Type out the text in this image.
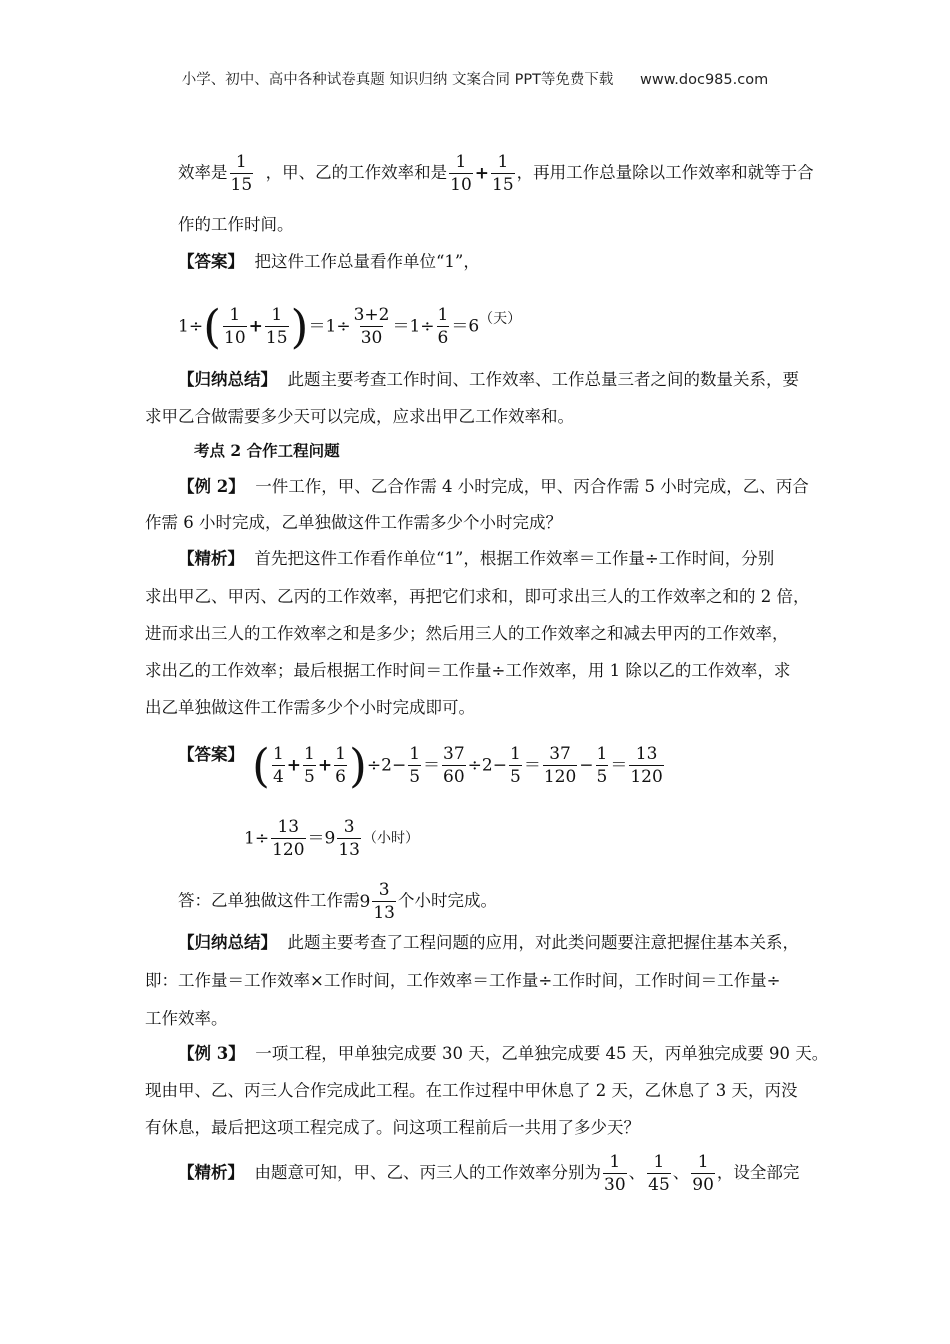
小学、初中、高中各种试卷真题 知识归纳 文案合同 PPT等免费下载 www.doc985.com
效率是 $\frac{1}{15}$ ，甲、乙的工作效率和是 $\frac{1}{10} + \frac{1}{15}$ ，再用工作总量除以工作效率和就等于合
作的工作时间。
【答案】 把这件工作总量看作单位“1”，
$1\div( \frac{1}{10} + \frac{1}{15} )=1\div \frac{3+2}{30} =1\div \frac{1}{6} =6^{(天)}$
【归纳总结】 此题主要考查工作时间、工作效率、工作总量三者之间的数量关系，要
求甲乙合做需要多少天可以完成，应求出甲乙工作效率和。
考点 2 合作工程问题
【例 2】 一件工作，甲、乙合作需 4 小时完成，甲、丙合作需 5 小时完成，乙、丙合
作需 6 小时完成，乙单独做这件工作需多少个小时完成？
【精析】 首先把这件工作看作单位“1”，根据工作效率＝工作量÷工作时间，分别
求出甲乙、甲丙、乙丙的工作效率，再把它们求和，即可求出三人的工作效率之和的 2 倍，
进而求出三人的工作效率之和是多少；然后用三人的工作效率之和减去甲丙的工作效率，
求出乙的工作效率；最后根据工作时间＝工作量÷工作效率，用 1 除以乙的工作效率，求
出乙单独做这件工作需多少个小时完成即可。
【答案】 ( $\frac{1}{4} + \frac{1}{5} + \frac{1}{6} )\div 2- \frac{1}{5} = \frac{37}{60} \div 2- \frac{1}{5} = \frac{37}{120} - \frac{1}{5} = \frac{13}{120}$
$1\div \frac{13}{120} =9 \frac{3}{13}$ （小时）
答：乙单独做这件工作需 $9 \frac{3}{13}$ 个小时完成。
【归纳总结】 此题主要考查了工程问题的应用，对此类问题要注意把握住基本关系，
即：工作量＝工作效率×工作时间，工作效率＝工作量÷工作时间，工作时间＝工作量÷
工作效率。
【例 3】 一项工程，甲单独完成要 30 天，乙单独完成要 45 天，丙单独完成要 90 天。
现由甲、乙、丙三人合作完成此工程。在工作过程中甲休息了 2 天，乙休息了 3 天，丙没
有休息，最后把这项工程完成了。问这项工程前后一共用了多少天？
【精析】 由题意可知，甲、乙、丙三人的工作效率分别为 $\frac{1}{30}$ 、 $\frac{1}{45}$ 、 $\frac{1}{90}$ ，设全部完
